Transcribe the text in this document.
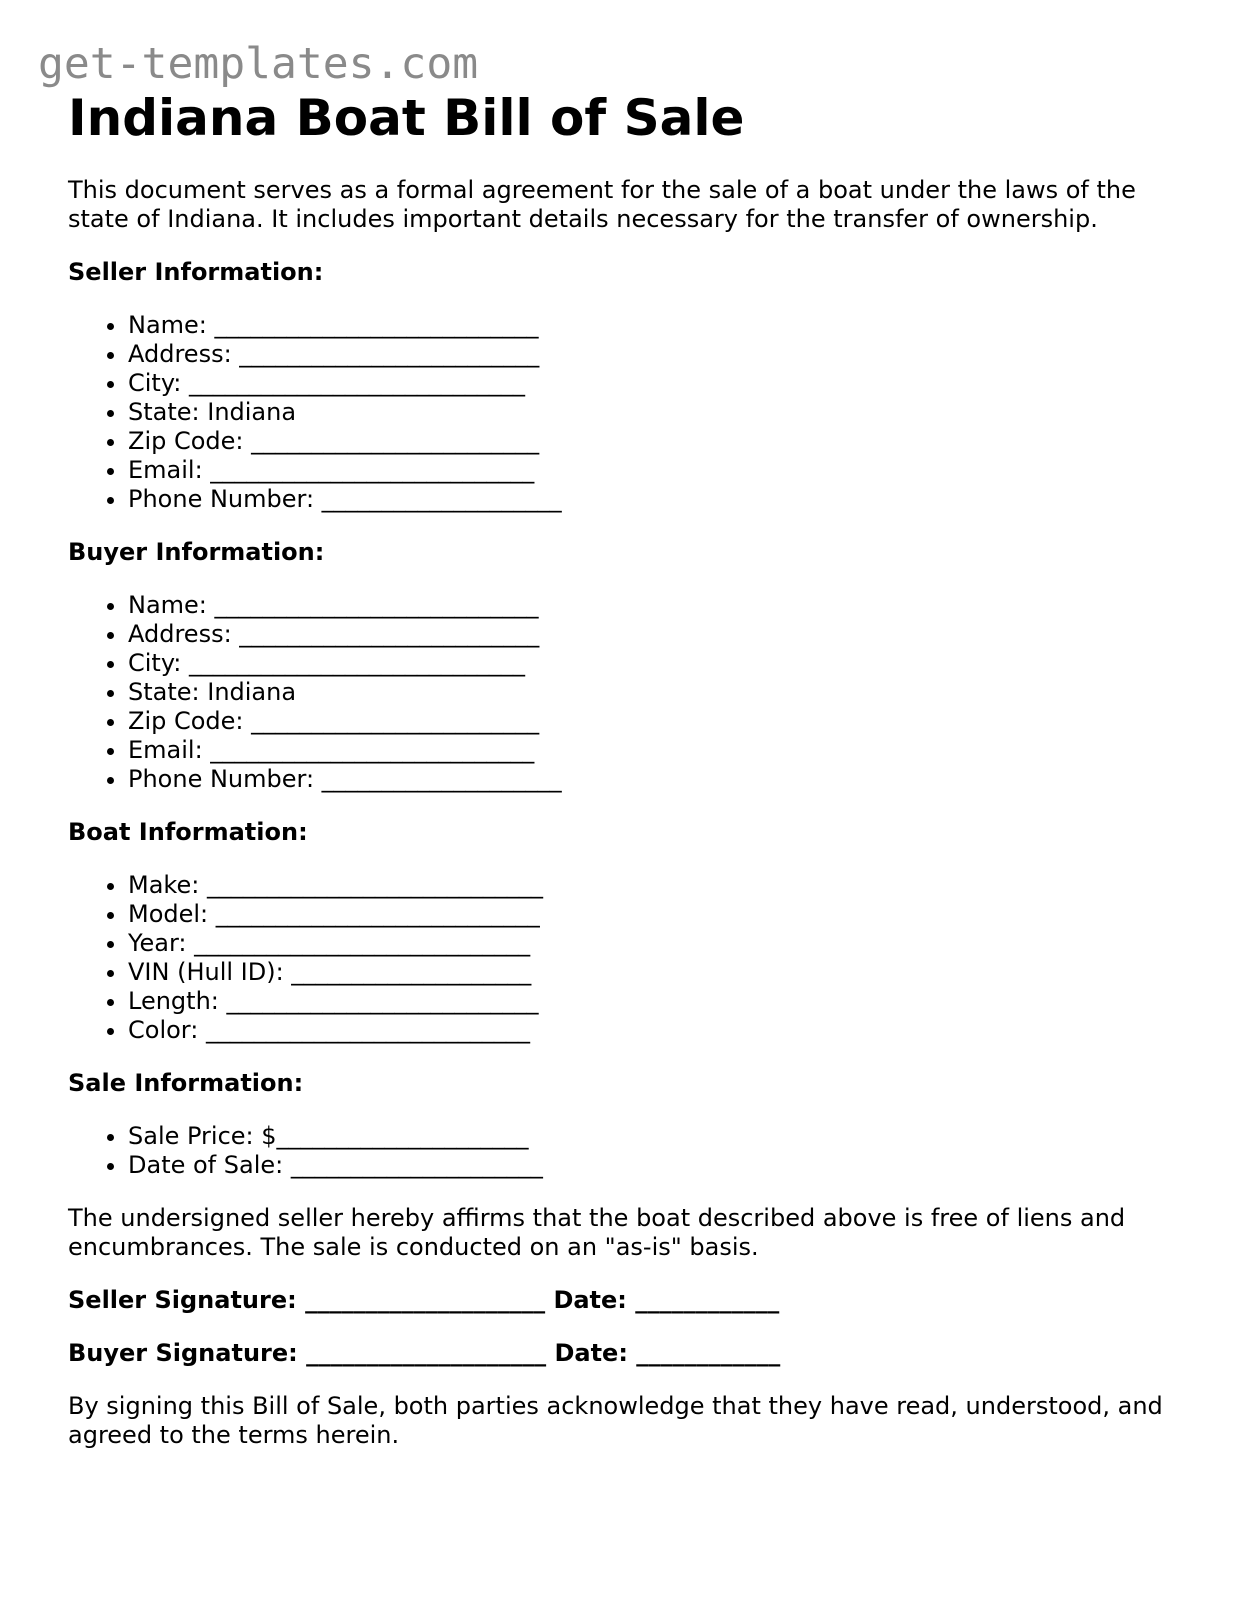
get-templates.com
Indiana Boat Bill of Sale

This document serves as a formal agreement for the sale of a boat under the laws of the state of Indiana. It includes important details necessary for the transfer of ownership.

Seller Information:
• Name: ___________________________
• Address: _________________________
• City: ____________________________
• State: Indiana
• Zip Code: ________________________
• Email: ___________________________
• Phone Number: ____________________
Buyer Information:
• Name: ___________________________
• Address: _________________________
• City: ____________________________
• State: Indiana
• Zip Code: ________________________
• Email: ___________________________
• Phone Number: ____________________
Boat Information:
• Make: ____________________________
• Model: ___________________________
• Year: ____________________________
• VIN (Hull ID): ____________________
• Length: __________________________
• Color: ___________________________
Sale Information:
• Sale Price: $_____________________
• Date of Sale: _____________________

The undersigned seller hereby affirms that the boat described above is free of liens and encumbrances. The sale is conducted on an "as-is" basis.

Seller Signature: ____________________ Date: ____________
Buyer Signature: ____________________ Date: ____________

By signing this Bill of Sale, both parties acknowledge that they have read, understood, and agreed to the terms herein.
